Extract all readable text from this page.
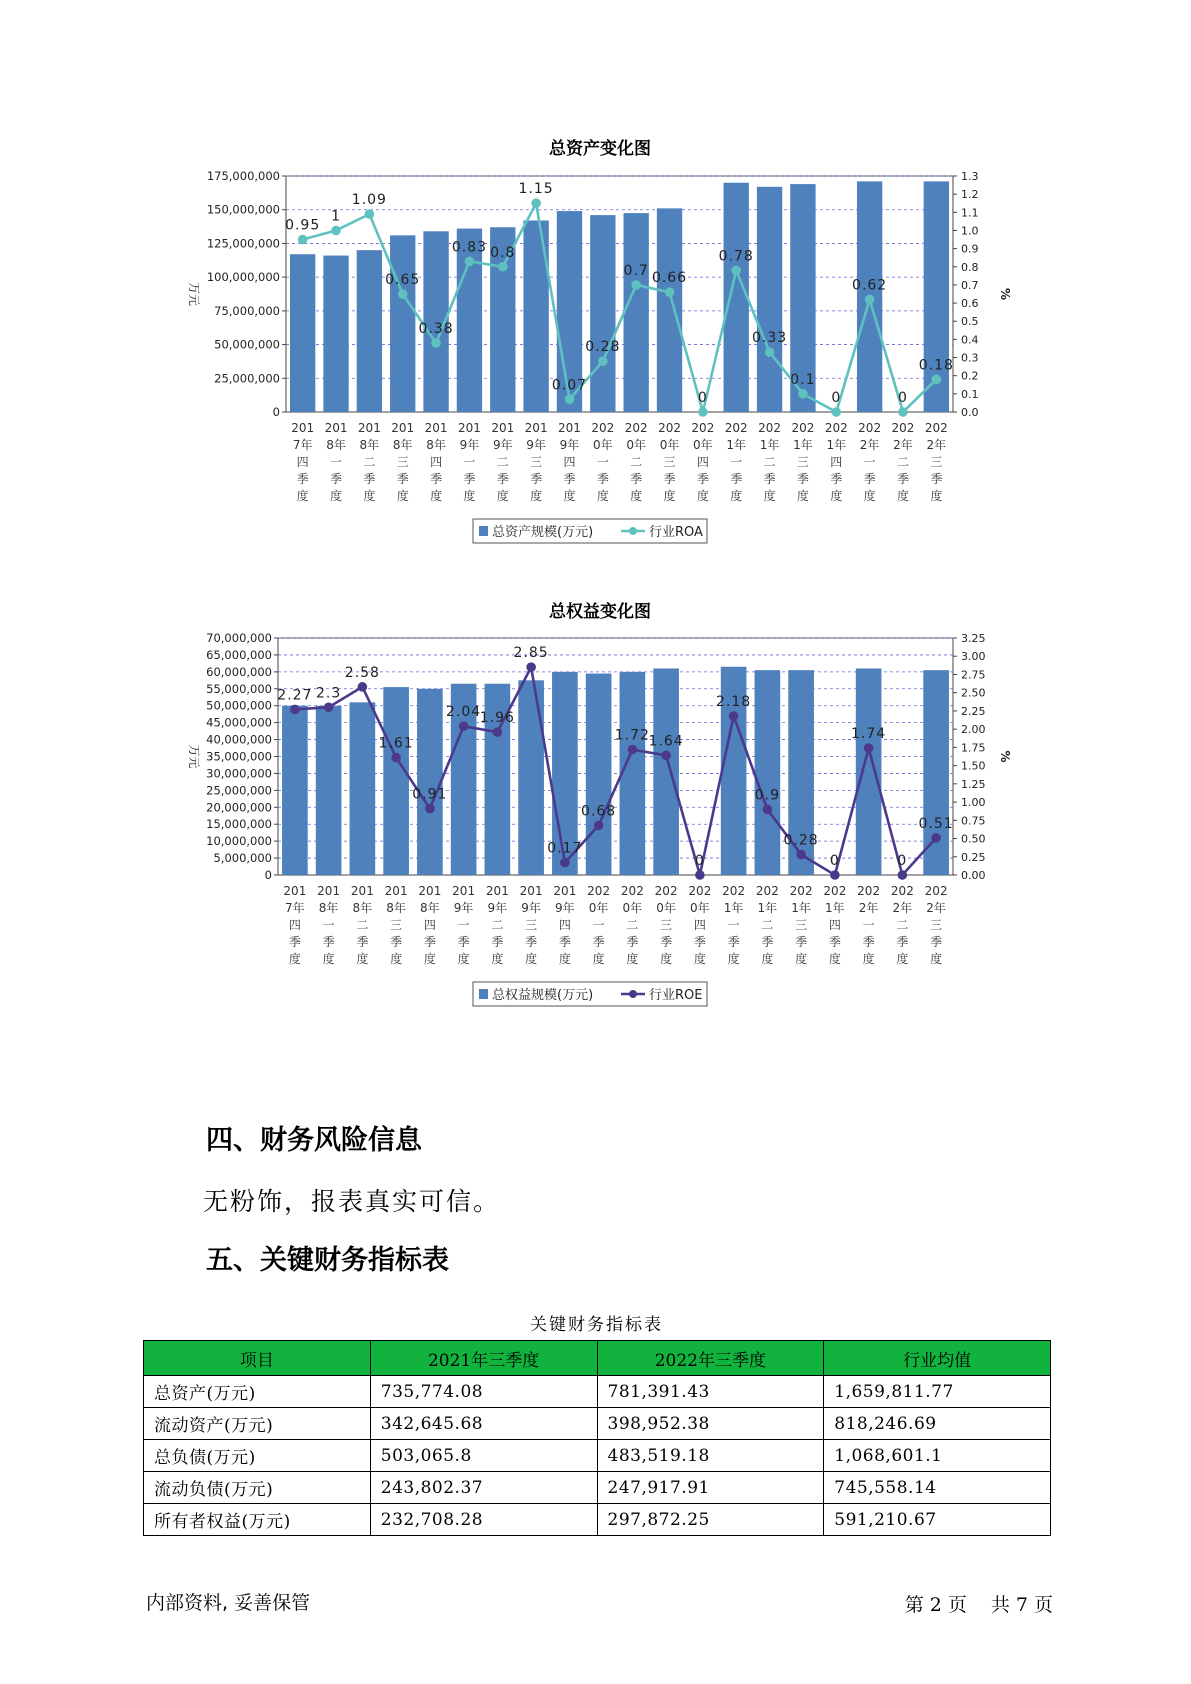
总资产变化图
0
25,000,000
50,000,000
75,000,000
100,000,000
125,000,000
150,000,000
175,000,000
0.0
0.1
0.2
0.3
0.4
0.5
0.6
0.7
0.8
0.9
1.0
1.1
1.2
1.3
万元	%
0.95
1
1.09
0.65
0.38
0.83 0.8
1.15
0.07
0.28
0.7 0.66
0
0.78
0.33
0.1
0
0.62
0
0.18
201
7年
四
季
度
201
8年
一
季
度
201
8年
二
季
度
201
8年
三
季
度
201
8年
四
季
度
201
9年
一
季
度
201
9年
二
季
度
201
9年
三
季
度
201
9年
四
季
度
202
0年
一
季
度
202
0年
二
季
度
202
0年
三
季
度
202
0年
四
季
度
202
1年
一
季
度
202
1年
二
季
度
202
1年
三
季
度
202
1年
四
季
度
202
2年
一
季
度
202
2年
二
季
度
202
2年
三
季
度
总资产规模(万元)	行业ROA
总权益变化图
0
5,000,000
10,000,000
15,000,000
20,000,000
25,000,000
30,000,000
35,000,000
40,000,000
45,000,000
50,000,000
55,000,000
60,000,000
65,000,000
70,000,000
0.00
0.25
0.50
0.75
1.00
1.25
1.50
1.75
2.00
2.25
2.50
2.75
3.00
3.25
万元	%
2.27 2.3
2.58
1.61
0.91
2.04
1.96
2.85
0.17
0.68
1.72
1.64
0
2.18
0.9
0.28
0
1.74
0
0.51
201
7年
四
季
度
201
8年
一
季
度
201
8年
二
季
度
201
8年
三
季
度
201
8年
四
季
度
201
9年
一
季
度
201
9年
二
季
度
201
9年
三
季
度
201
9年
四
季
度
202
0年
一
季
度
202
0年
二
季
度
202
0年
三
季
度
202
0年
四
季
度
202
1年
一
季
度
202
1年
二
季
度
202
1年
三
季
度
202
1年
四
季
度
202
2年
一
季
度
202
2年
二
季
度
202
2年
三
季
度
总权益规模(万元)	行业ROE
四、财务风险信息
无粉饰，报表真实可信。
五、关键财务指标表
关键财务指标表
项目	2021年三季度	2022年三季度	行业均值
总资产(万元)	735,774.08	781,391.43	1,659,811.77
流动资产(万元)	342,645.68	398,952.38	818,246.69
总负债(万元)	503,065.8	483,519.18	1,068,601.1
流动负债(万元)	243,802.37	247,917.91	745,558.14
所有者权益(万元)	232,708.28	297,872.25	591,210.67
内部资料, 妥善保管	第 2 页 共 7 页
